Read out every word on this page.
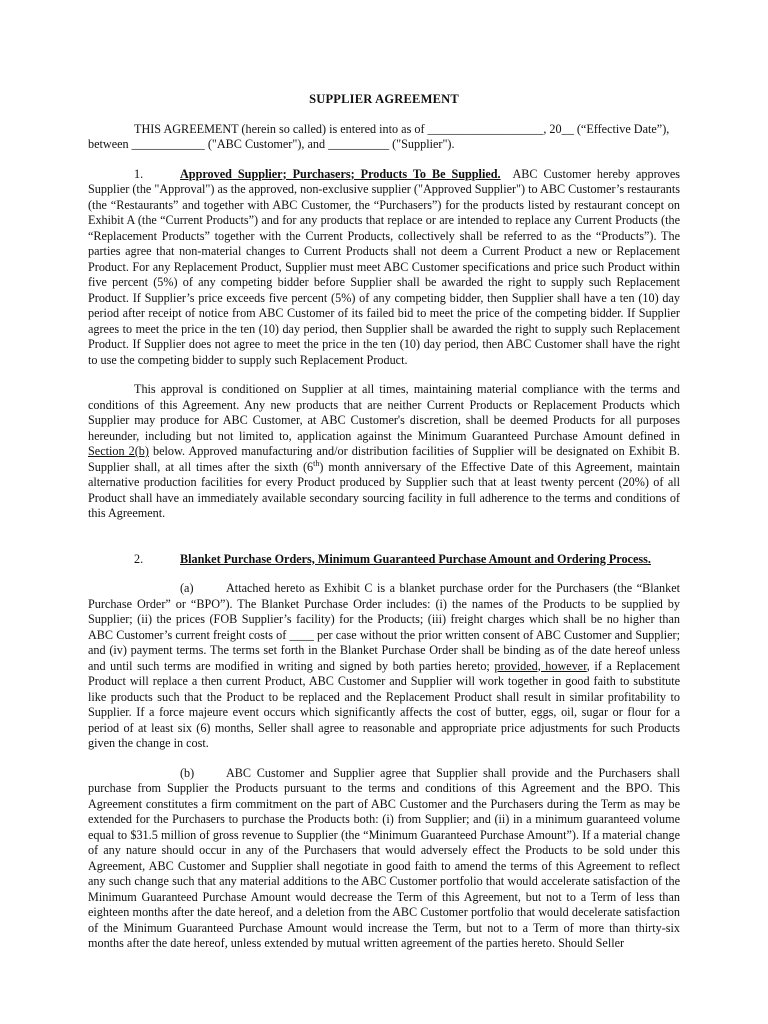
SUPPLIER AGREEMENT

THIS AGREEMENT (herein so called) is entered into as of ___________________, 20__ (“Effective Date”),

between ____________ ("ABC Customer"), and __________ ("Supplier").

1.	Approved Supplier; Purchasers; Products To Be Supplied. ABC Customer hereby approves Supplier (the "Approval") as the approved, non-exclusive supplier ("Approved Supplier") to ABC Customer’s restaurants (the “Restaurants” and together with ABC Customer, the “Purchasers”) for the products listed by restaurant concept on Exhibit A (the “Current Products”) and for any products that replace or are intended to replace any Current Products (the “Replacement Products” together with the Current Products, collectively shall be referred to as the “Products”). The parties agree that non-material changes to Current Products shall not deem a Current Product a new or Replacement Product. For any Replacement Product, Supplier must meet ABC Customer specifications and price such Product within five percent (5%) of any competing bidder before Supplier shall be awarded the right to supply such Replacement Product. If Supplier’s price exceeds five percent (5%) of any competing bidder, then Supplier shall have a ten (10) day period after receipt of notice from ABC Customer of its failed bid to meet the price of the competing bidder. If Supplier agrees to meet the price in the ten (10) day period, then Supplier shall be awarded the right to supply such Replacement Product. If Supplier does not agree to meet the price in the ten (10) day period, then ABC Customer shall have the right to use the competing bidder to supply such Replacement Product.

This approval is conditioned on Supplier at all times, maintaining material compliance with the terms and conditions of this Agreement. Any new products that are neither Current Products or Replacement Products which Supplier may produce for ABC Customer, at ABC Customer's discretion, shall be deemed Products for all purposes hereunder, including but not limited to, application against the Minimum Guaranteed Purchase Amount defined in Section 2(b) below. Approved manufacturing and/or distribution facilities of Supplier will be designated on Exhibit B. Supplier shall, at all times after the sixth (6th) month anniversary of the Effective Date of this Agreement, maintain alternative production facilities for every Product produced by Supplier such that at least twenty percent (20%) of all Product shall have an immediately available secondary sourcing facility in full adherence to the terms and conditions of this Agreement.

2.	Blanket Purchase Orders, Minimum Guaranteed Purchase Amount and Ordering Process.

(a)	Attached hereto as Exhibit C is a blanket purchase order for the Purchasers (the “Blanket Purchase Order” or “BPO”). The Blanket Purchase Order includes: (i) the names of the Products to be supplied by Supplier; (ii) the prices (FOB Supplier’s facility) for the Products; (iii) freight charges which shall be no higher than ABC Customer’s current freight costs of ____ per case without the prior written consent of ABC Customer and Supplier; and (iv) payment terms. The terms set forth in the Blanket Purchase Order shall be binding as of the date hereof unless and until such terms are modified in writing and signed by both parties hereto; provided, however, if a Replacement Product will replace a then current Product, ABC Customer and Supplier will work together in good faith to substitute like products such that the Product to be replaced and the Replacement Product shall result in similar profitability to Supplier. If a force majeure event occurs which significantly affects the cost of butter, eggs, oil, sugar or flour for a period of at least six (6) months, Seller shall agree to reasonable and appropriate price adjustments for such Products given the change in cost.

(b)	ABC Customer and Supplier agree that Supplier shall provide and the Purchasers shall purchase from Supplier the Products pursuant to the terms and conditions of this Agreement and the BPO. This Agreement constitutes a firm commitment on the part of ABC Customer and the Purchasers during the Term as may be extended for the Purchasers to purchase the Products both: (i) from Supplier; and (ii) in a minimum guaranteed volume equal to $31.5 million of gross revenue to Supplier (the “Minimum Guaranteed Purchase Amount”). If a material change of any nature should occur in any of the Purchasers that would adversely effect the Products to be sold under this Agreement, ABC Customer and Supplier shall negotiate in good faith to amend the terms of this Agreement to reflect any such change such that any material additions to the ABC Customer portfolio that would accelerate satisfaction of the Minimum Guaranteed Purchase Amount would decrease the Term of this Agreement, but not to a Term of less than eighteen months after the date hereof, and a deletion from the ABC Customer portfolio that would decelerate satisfaction of the Minimum Guaranteed Purchase Amount would increase the Term, but not to a Term of more than thirty-six months after the date hereof, unless extended by mutual written agreement of the parties hereto. Should Seller
